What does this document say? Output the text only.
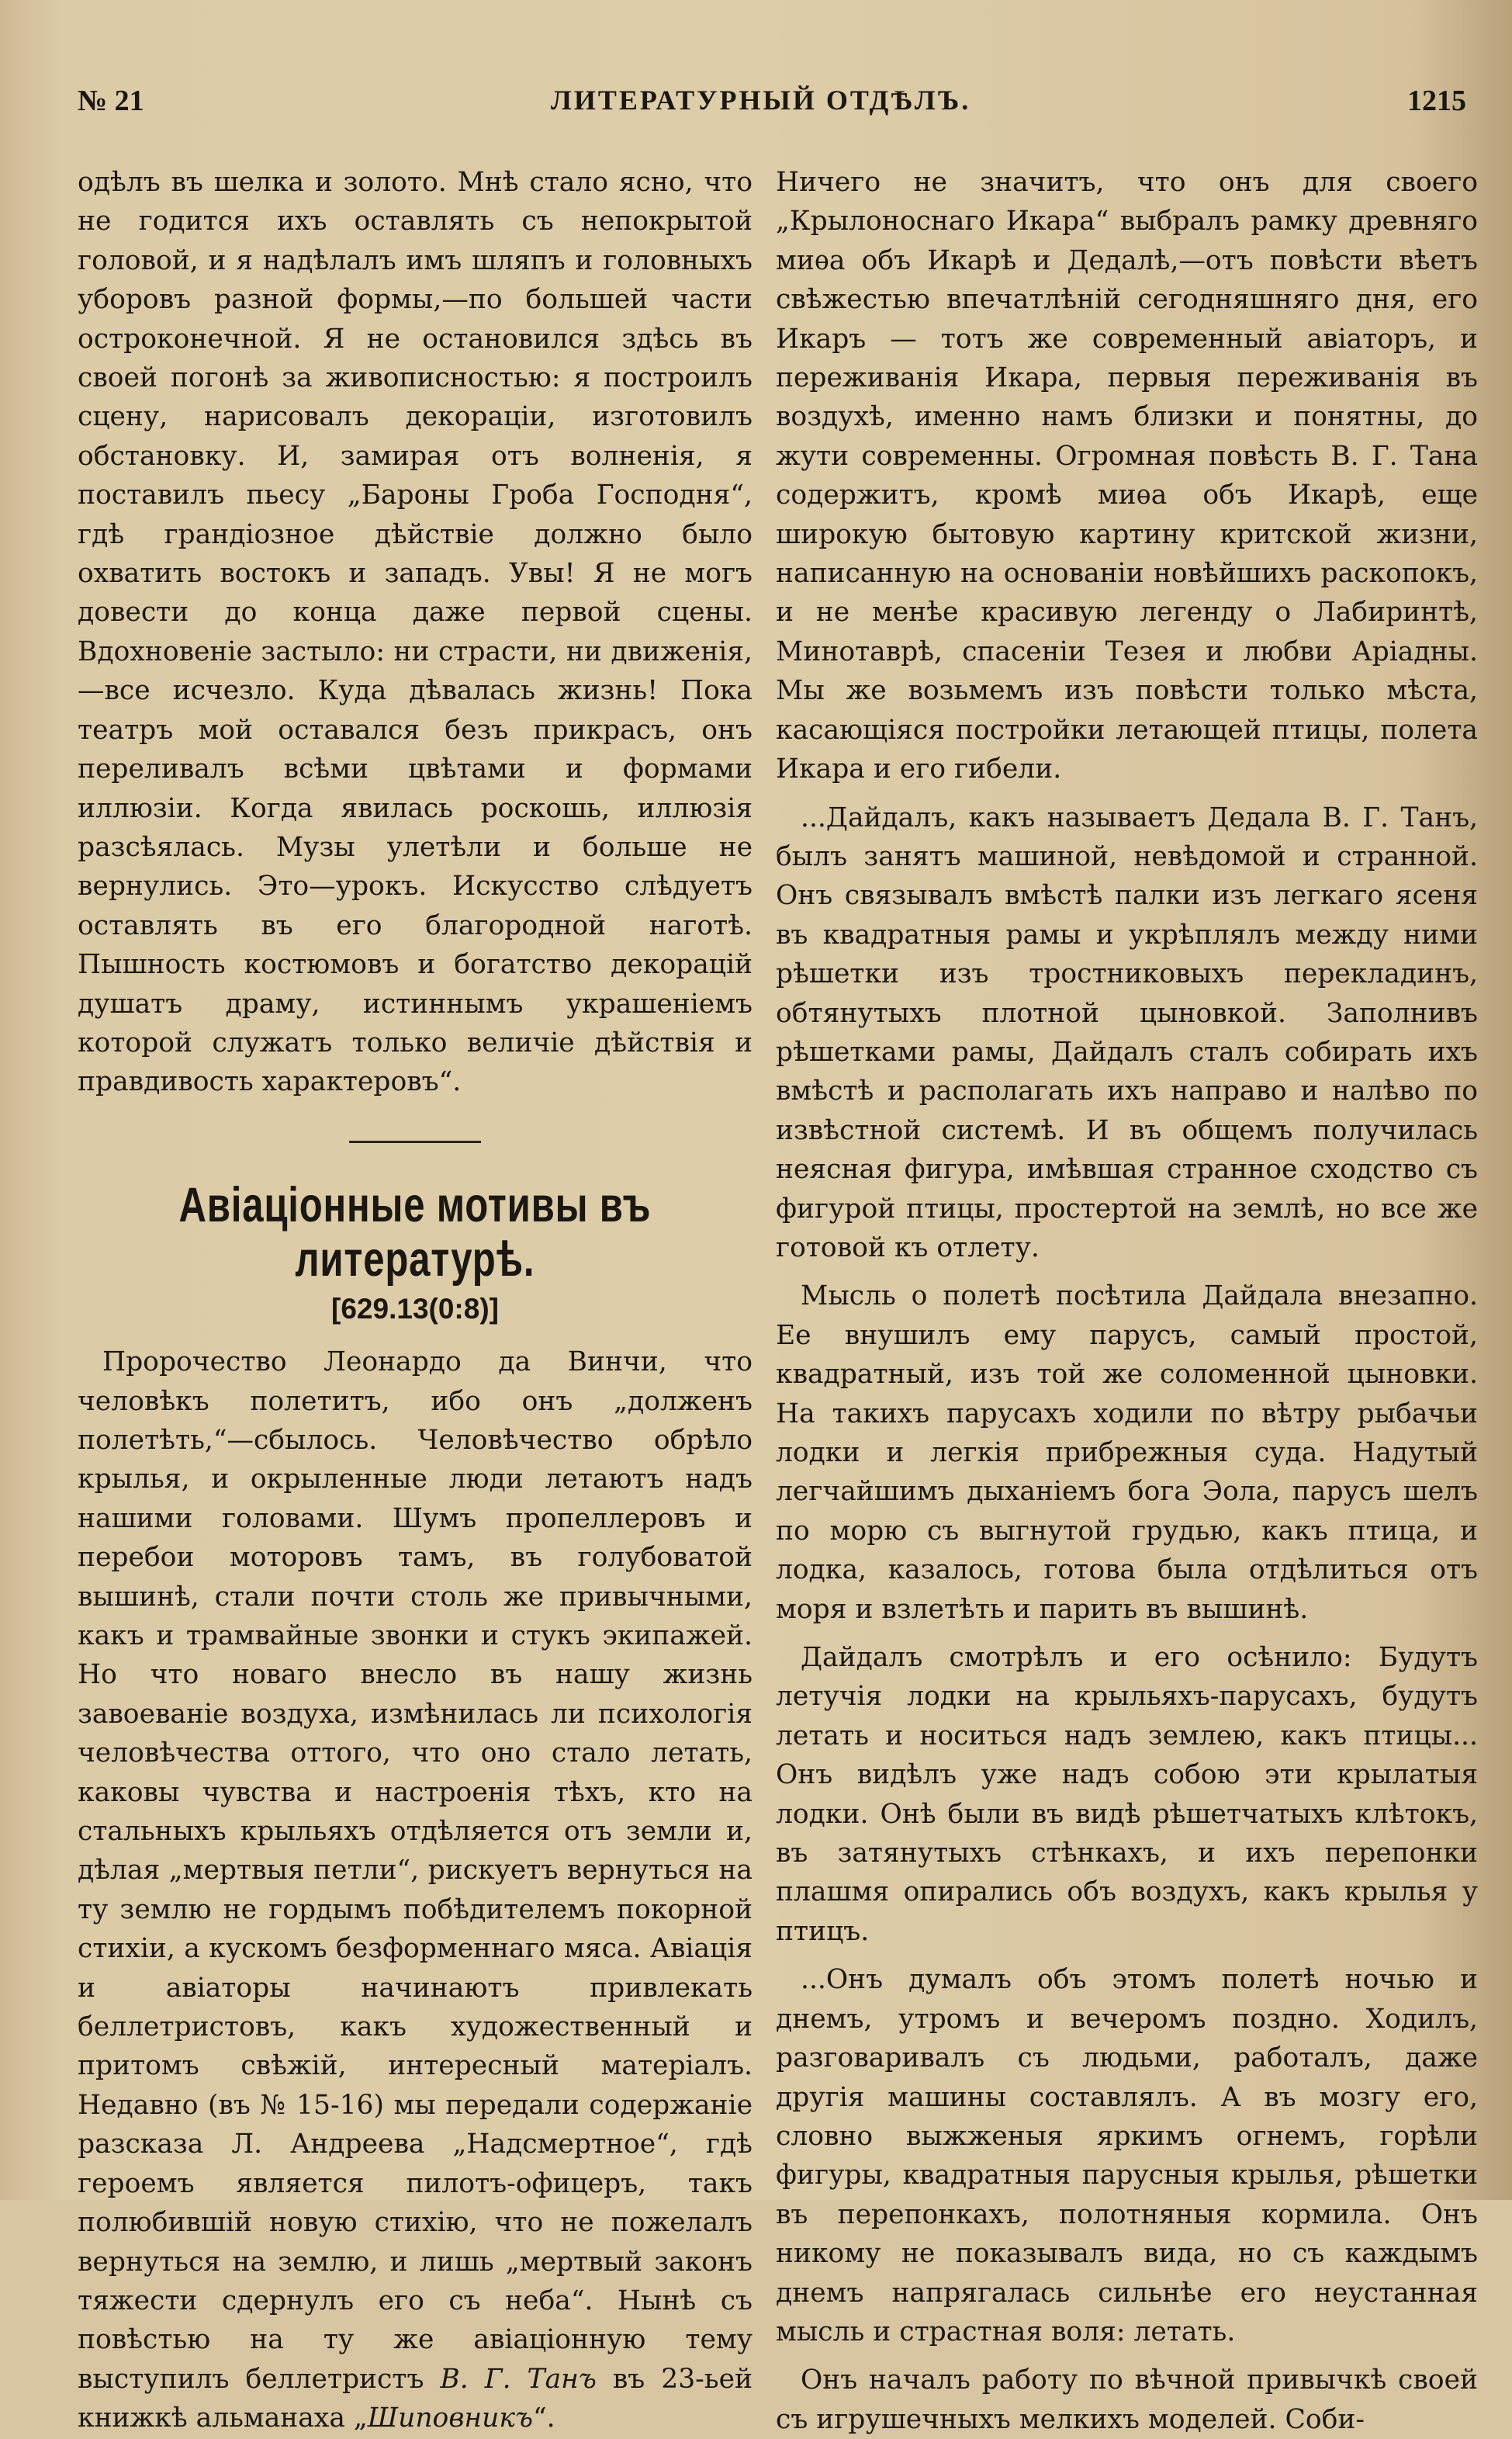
№ 21	ЛИТЕРАТУРНЫЙ ОТДѢЛЪ.	1215

одѣлъ въ шелка и золото. Мнѣ стало ясно, что не годится ихъ оставлять съ непокрытой головой, и я надѣлалъ имъ шляпъ и головныхъ уборовъ разной формы,—по большей части остроконечной. Я не остановился здѣсь въ своей погонѣ за живописностью: я построилъ сцену, нарисовалъ декораціи, изготовилъ обстановку. И, замирая отъ волненія, я поставилъ пьесу „Бароны Гроба Господня“, гдѣ грандіозное дѣйствіе должно было охватить востокъ и западъ. Увы! Я не могъ довести до конца даже первой сцены. Вдохновеніе застыло: ни страсти, ни движенія,—все исчезло. Куда дѣвалась жизнь! Пока театръ мой оставался безъ прикрасъ, онъ переливалъ всѣми цвѣтами и формами иллюзіи. Когда явилась роскошь, иллюзія разсѣялась. Музы улетѣли и больше не вернулись. Это—урокъ. Искусство слѣдуетъ оставлять въ его благородной наготѣ. Пышность костюмовъ и богатство декорацій душатъ драму, истиннымъ украшеніемъ которой служатъ только величіе дѣйствія и правдивость характеровъ“.

Авіаціонные мотивы въ литературѣ.
[629.13(0:8)]

Пророчество Леонардо да Винчи, что человѣкъ полетитъ, ибо онъ „долженъ полетѣть,“—сбылось. Человѣчество обрѣло крылья, и окрыленные люди летаютъ надъ нашими головами. Шумъ пропеллеровъ и перебои моторовъ тамъ, въ голубоватой вышинѣ, стали почти столь же привычными, какъ и трамвайные звонки и стукъ экипажей. Но что новаго внесло въ нашу жизнь завоеваніе воздуха, измѣнилась ли психологія человѣчества оттого, что оно стало летать, каковы чувства и настроенія тѣхъ, кто на стальныхъ крыльяхъ отдѣляется отъ земли и, дѣлая „мертвыя петли“, рискуетъ вернуться на ту землю не гордымъ побѣдителемъ покорной стихіи, а кускомъ безформеннаго мяса. Авіація и авіаторы начинаютъ привлекать беллетристовъ, какъ художественный и притомъ свѣжій, интересный матеріалъ. Недавно (въ № 15-16) мы передали содержаніе разсказа Л. Андреева „Надсмертное“, гдѣ героемъ является пилотъ-офицеръ, такъ полюбившій новую стихію, что не пожелалъ вернуться на землю, и лишь „мертвый законъ тяжести сдернулъ его съ неба“. Нынѣ съ повѣстью на ту же авіаціонную тему выступилъ беллетристъ В. Г. Танъ въ 23-ьей книжкѣ альманаха „Шиповникъ“.

Ничего не значитъ, что онъ для своего „Крылоноснаго Икара“ выбралъ рамку древняго миѳа объ Икарѣ и Дедалѣ,—отъ повѣсти вѣетъ свѣжестью впечатлѣній сегодняшняго дня, его Икаръ — тотъ же современный авіаторъ, и переживанія Икара, первыя переживанія въ воздухѣ, именно намъ близки и понятны, до жути современны. Огромная повѣсть В. Г. Тана содержитъ, кромѣ миѳа объ Икарѣ, еще широкую бытовую картину критской жизни, написанную на основаніи новѣйшихъ раскопокъ, и не менѣе красивую легенду о Лабиринтѣ, Минотаврѣ, спасеніи Тезея и любви Аріадны. Мы же возьмемъ изъ повѣсти только мѣста, касающіяся постройки летающей птицы, полета Икара и его гибели.

...Дайдалъ, какъ называетъ Дедала В. Г. Танъ, былъ занятъ машиной, невѣдомой и странной. Онъ связывалъ вмѣстѣ палки изъ легкаго ясеня въ квадратныя рамы и укрѣплялъ между ними рѣшетки изъ тростниковыхъ перекладинъ, обтянутыхъ плотной цыновкой. Заполнивъ рѣшетками рамы, Дайдалъ сталъ собирать ихъ вмѣстѣ и располагать ихъ направо и налѣво по извѣстной системѣ. И въ общемъ получилась неясная фигура, имѣвшая странное сходство съ фигурой птицы, простертой на землѣ, но все же готовой къ отлету.

Мысль о полетѣ посѣтила Дайдала внезапно. Ее внушилъ ему парусъ, самый простой, квадратный, изъ той же соломенной цыновки. На такихъ парусахъ ходили по вѣтру рыбачьи лодки и легкія прибрежныя суда. Надутый легчайшимъ дыханіемъ бога Эола, парусъ шелъ по морю съ выгнутой грудью, какъ птица, и лодка, казалось, готова была отдѣлиться отъ моря и взлетѣть и парить въ вышинѣ.

Дайдалъ смотрѣлъ и его осѣнило: Будутъ летучія лодки на крыльяхъ-парусахъ, будутъ летать и носиться надъ землею, какъ птицы... Онъ видѣлъ уже надъ собою эти крылатыя лодки. Онѣ были въ видѣ рѣшетчатыхъ клѣтокъ, въ затянутыхъ стѣнкахъ, и ихъ перепонки плашмя опирались объ воздухъ, какъ крылья у птицъ.

...Онъ думалъ объ этомъ полетѣ ночью и днемъ, утромъ и вечеромъ поздно. Ходилъ, разговаривалъ съ людьми, работалъ, даже другія машины составлялъ. А въ мозгу его, словно выжженыя яркимъ огнемъ, горѣли фигуры, квадратныя парусныя крылья, рѣшетки въ перепонкахъ, полотняныя кормила. Онъ никому не показывалъ вида, но съ каждымъ днемъ напрягалась сильнѣе его неустанная мысль и страстная воля: летать.

Онъ началъ работу по вѣчной привычкѣ своей съ игрушечныхъ мелкихъ моделей. Соби-
